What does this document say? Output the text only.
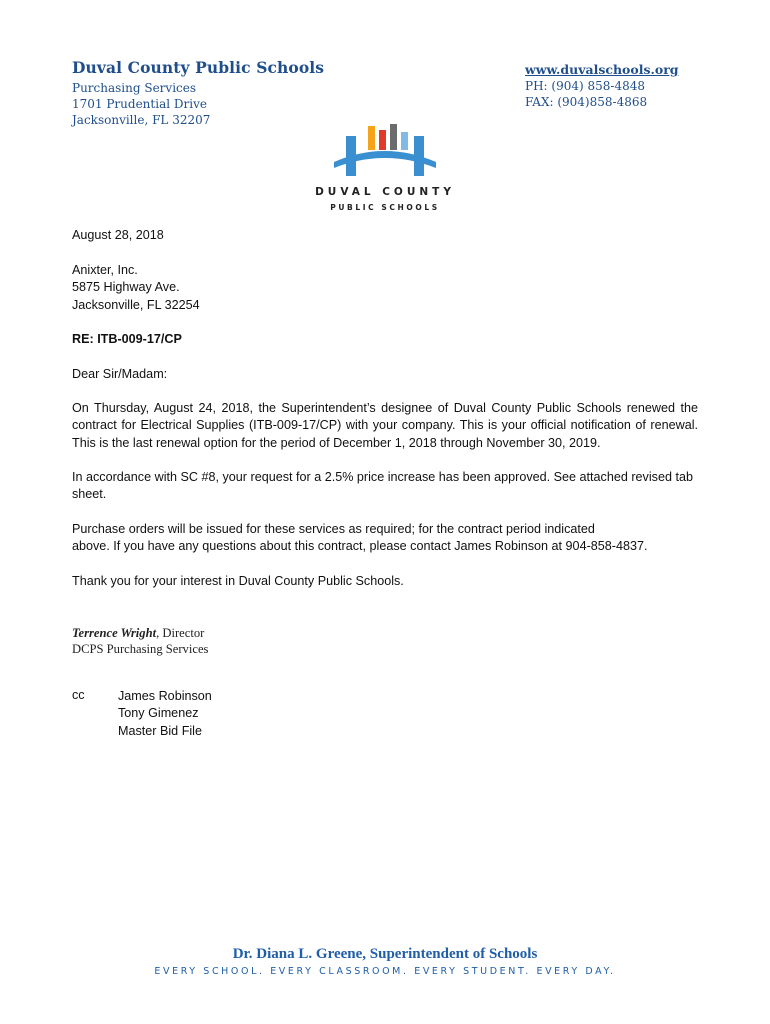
Duval County Public Schools
Purchasing Services
1701 Prudential Drive
Jacksonville, FL 32207
www.duvalschools.org
PH: (904) 858-4848
FAX: (904)858-4868
DUVAL COUNTY
PUBLIC SCHOOLS
August 28, 2018
Anixter, Inc.
5875 Highway Ave.
Jacksonville, FL 32254
RE: ITB-009-17/CP
Dear Sir/Madam:
On Thursday, August 24, 2018, the Superintendent’s designee of Duval County Public Schools renewed the contract for Electrical Supplies (ITB-009-17/CP) with your company. This is your official notification of renewal. This is the last renewal option for the period of December 1, 2018 through November 30, 2019.
In accordance with SC #8, your request for a 2.5% price increase has been approved. See attached revised tab sheet.
Purchase orders will be issued for these services as required; for the contract period indicated
above. If you have any questions about this contract, please contact James Robinson at 904-858-4837.
Thank you for your interest in Duval County Public Schools.
Terrence Wright, Director
DCPS Purchasing Services
cc	James Robinson
Tony Gimenez
Master Bid File
Dr. Diana L. Greene, Superintendent of Schools
EVERY SCHOOL. EVERY CLASSROOM. EVERY STUDENT. EVERY DAY.
